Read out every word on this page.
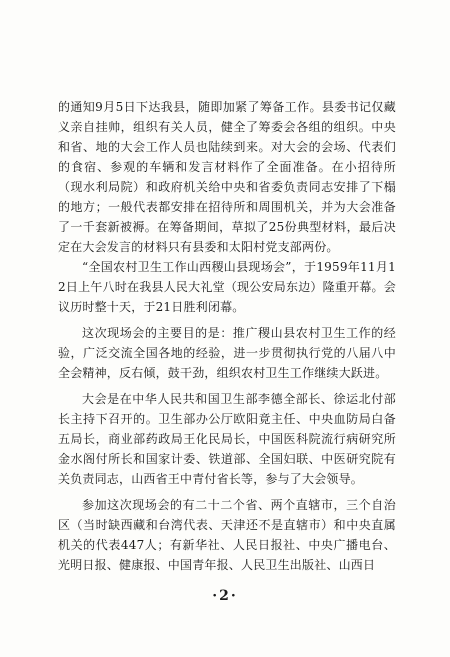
的通知9月5日下达我县，随即加紧了筹备工作。县委书记仅藏义亲自挂帅，组织有关人员，健全了筹委会各组的组织。中央和省、地的大会工作人员也陆续到来。对大会的会场、代表们的食宿、参观的车辆和发言材料作了全面准备。在小招待所（现水利局院）和政府机关给中央和省委负责同志安排了下榻的地方；一般代表都安排在招待所和周围机关，并为大会准备了一千套新被褥。在筹备期间，草拟了25份典型材料，最后决定在大会发言的材料只有县委和太阳村党支部两份。

“全国农村卫生工作山西稷山县现场会”，于1959年11月12日上午八时在我县人民大礼堂（现公安局东边）隆重开幕。会议历时整十天，于21日胜利闭幕。

这次现场会的主要目的是：推广稷山县农村卫生工作的经验，广泛交流全国各地的经验，进一步贯彻执行党的八届八中全会精神，反右倾，鼓干劲，组织农村卫生工作继续大跃进。

大会是在中华人民共和国卫生部李德全部长、徐运北付部长主持下召开的。卫生部办公厅欧阳竟主任、中央血防局白备五局长，商业部药政局王化民局长，中国医科院流行病研究所金水阁付所长和国家计委、铁道部、全国妇联、中医研究院有关负责同志，山西省王中青付省长等，参与了大会领导。

参加这次现场会的有二十二个省、两个直辖市，三个自治区（当时缺西藏和台湾代表、天津还不是直辖市）和中央直属机关的代表447人；有新华社、人民日报社、中央广播电台、光明日报、健康报、中国青年报、人民卫生出版社、山西日

·2·
